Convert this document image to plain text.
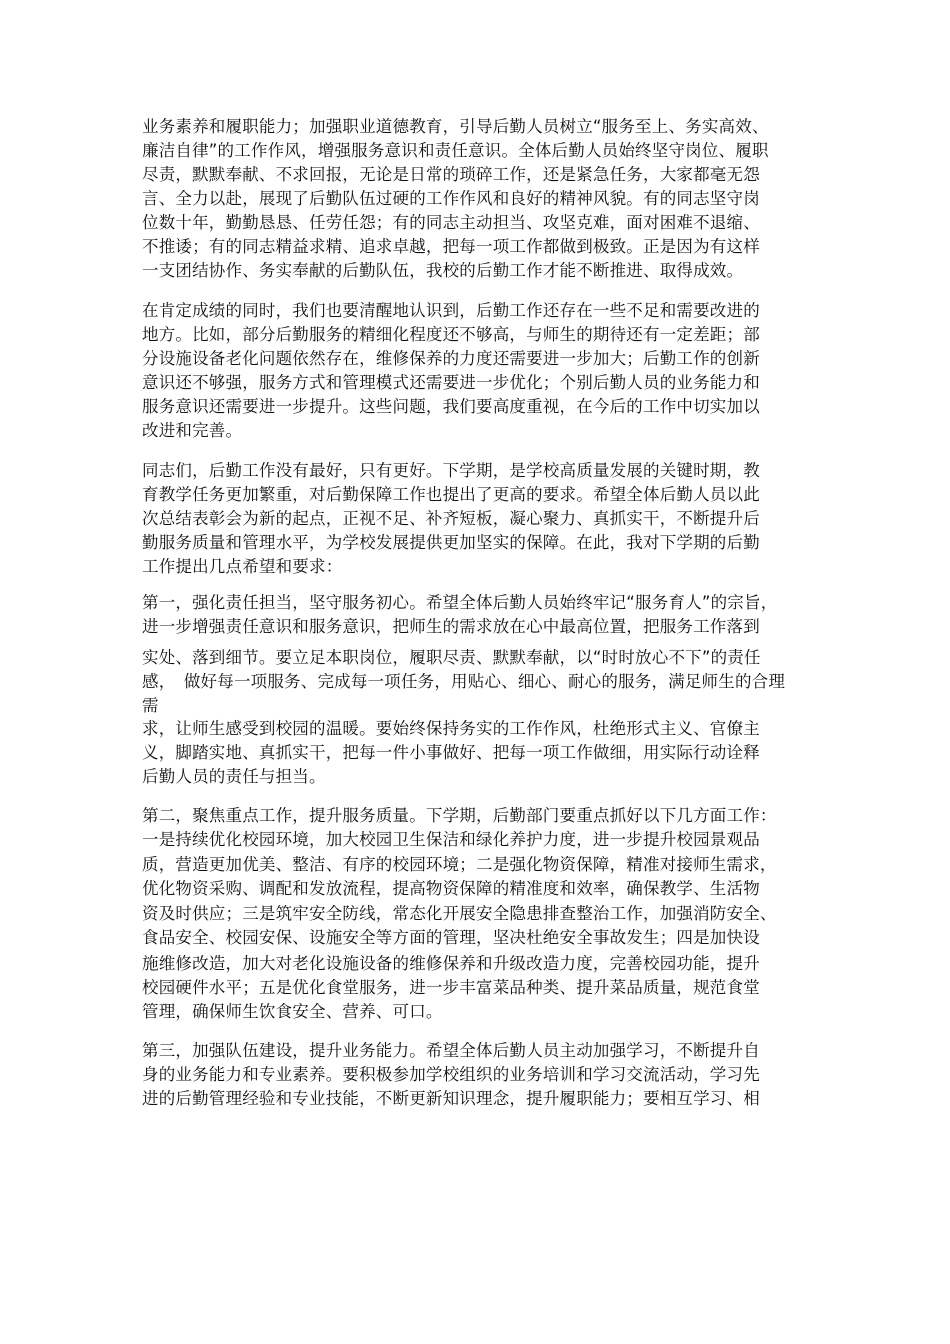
业务素养和履职能力；加强职业道德教育，引导后勤人员树立“服务至上、务实高效、
廉洁自律”的工作作风，增强服务意识和责任意识。全体后勤人员始终坚守岗位、履职
尽责，默默奉献、不求回报，无论是日常的琐碎工作，还是紧急任务，大家都毫无怨
言、全力以赴，展现了后勤队伍过硬的工作作风和良好的精神风貌。有的同志坚守岗
位数十年，勤勤恳恳、任劳任怨；有的同志主动担当、攻坚克难，面对困难不退缩、
不推诿；有的同志精益求精、追求卓越，把每一项工作都做到极致。正是因为有这样
一支团结协作、务实奉献的后勤队伍，我校的后勤工作才能不断推进、取得成效。
在肯定成绩的同时，我们也要清醒地认识到，后勤工作还存在一些不足和需要改进的
地方。比如，部分后勤服务的精细化程度还不够高，与师生的期待还有一定差距；部
分设施设备老化问题依然存在，维修保养的力度还需要进一步加大；后勤工作的创新
意识还不够强，服务方式和管理模式还需要进一步优化；个别后勤人员的业务能力和
服务意识还需要进一步提升。这些问题，我们要高度重视，在今后的工作中切实加以
改进和完善。
同志们，后勤工作没有最好，只有更好。下学期，是学校高质量发展的关键时期，教
育教学任务更加繁重，对后勤保障工作也提出了更高的要求。希望全体后勤人员以此
次总结表彰会为新的起点，正视不足、补齐短板，凝心聚力、真抓实干，不断提升后
勤服务质量和管理水平，为学校发展提供更加坚实的保障。在此，我对下学期的后勤
工作提出几点希望和要求：
第一，强化责任担当，坚守服务初心。希望全体后勤人员始终牢记“服务育人”的宗旨，
进一步增强责任意识和服务意识，把师生的需求放在心中最高位置，把服务工作落到
实处、落到细节。要立足本职岗位，履职尽责、默默奉献，以“时时放心不下”的责任
感，　做好每一项服务、完成每一项任务，用贴心、细心、耐心的服务，满足师生的合理
需
求，让师生感受到校园的温暖。要始终保持务实的工作作风，杜绝形式主义、官僚主
义，脚踏实地、真抓实干，把每一件小事做好、把每一项工作做细，用实际行动诠释
后勤人员的责任与担当。
第二，聚焦重点工作，提升服务质量。下学期，后勤部门要重点抓好以下几方面工作：
一是持续优化校园环境，加大校园卫生保洁和绿化养护力度，进一步提升校园景观品
质，营造更加优美、整洁、有序的校园环境；二是强化物资保障，精准对接师生需求，
优化物资采购、调配和发放流程，提高物资保障的精准度和效率，确保教学、生活物
资及时供应；三是筑牢安全防线，常态化开展安全隐患排查整治工作，加强消防安全、
食品安全、校园安保、设施安全等方面的管理，坚决杜绝安全事故发生；四是加快设
施维修改造，加大对老化设施设备的维修保养和升级改造力度，完善校园功能，提升
校园硬件水平；五是优化食堂服务，进一步丰富菜品种类、提升菜品质量，规范食堂
管理，确保师生饮食安全、营养、可口。
第三，加强队伍建设，提升业务能力。希望全体后勤人员主动加强学习，不断提升自
身的业务能力和专业素养。要积极参加学校组织的业务培训和学习交流活动，学习先
进的后勤管理经验和专业技能，不断更新知识理念，提升履职能力；要相互学习、相
